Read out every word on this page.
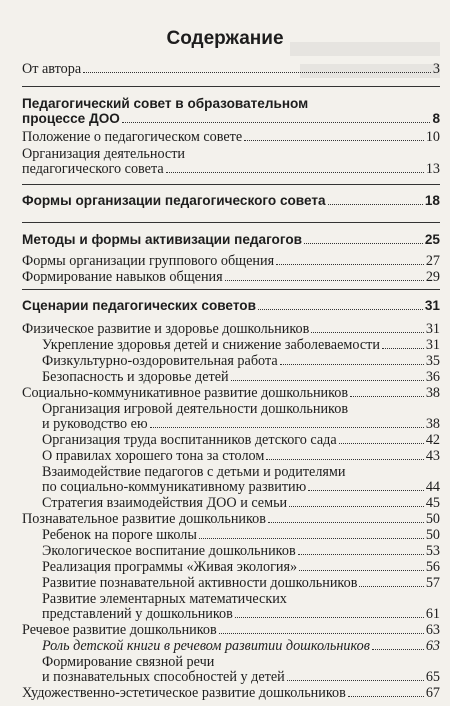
Содержание
От автора	3
Педагогический совет в образовательном
процессе ДОО	8
Положение о педагогическом совете	10
Организация деятельности
педагогического совета	13
Формы организации педагогического совета	18
Методы и формы активизации педагогов	25
Формы организации группового общения	27
Формирование навыков общения	29
Сценарии педагогических советов	31
Физическое развитие и здоровье дошкольников	31
Укрепление здоровья детей и снижение заболеваемости	31
Физкультурно-оздоровительная работа	35
Безопасность и здоровье детей	36
Социально-коммуникативное развитие дошкольников	38
Организация игровой деятельности дошкольников
и руководство ею	38
Организация труда воспитанников детского сада	42
О правилах хорошего тона за столом	43
Взаимодействие педагогов с детьми и родителями
по социально-коммуникативному развитию	44
Стратегия взаимодействия ДОО и семьи	45
Познавательное развитие дошкольников	50
Ребенок на пороге школы	50
Экологическое воспитание дошкольников	53
Реализация программы «Живая экология»	56
Развитие познавательной активности дошкольников	57
Развитие элементарных математических
представлений у дошкольников	61
Речевое развитие дошкольников	63
Роль детской книги в речевом развитии дошкольников	63
Формирование связной речи
и познавательных способностей у детей	65
Художественно-эстетическое развитие дошкольников	67
